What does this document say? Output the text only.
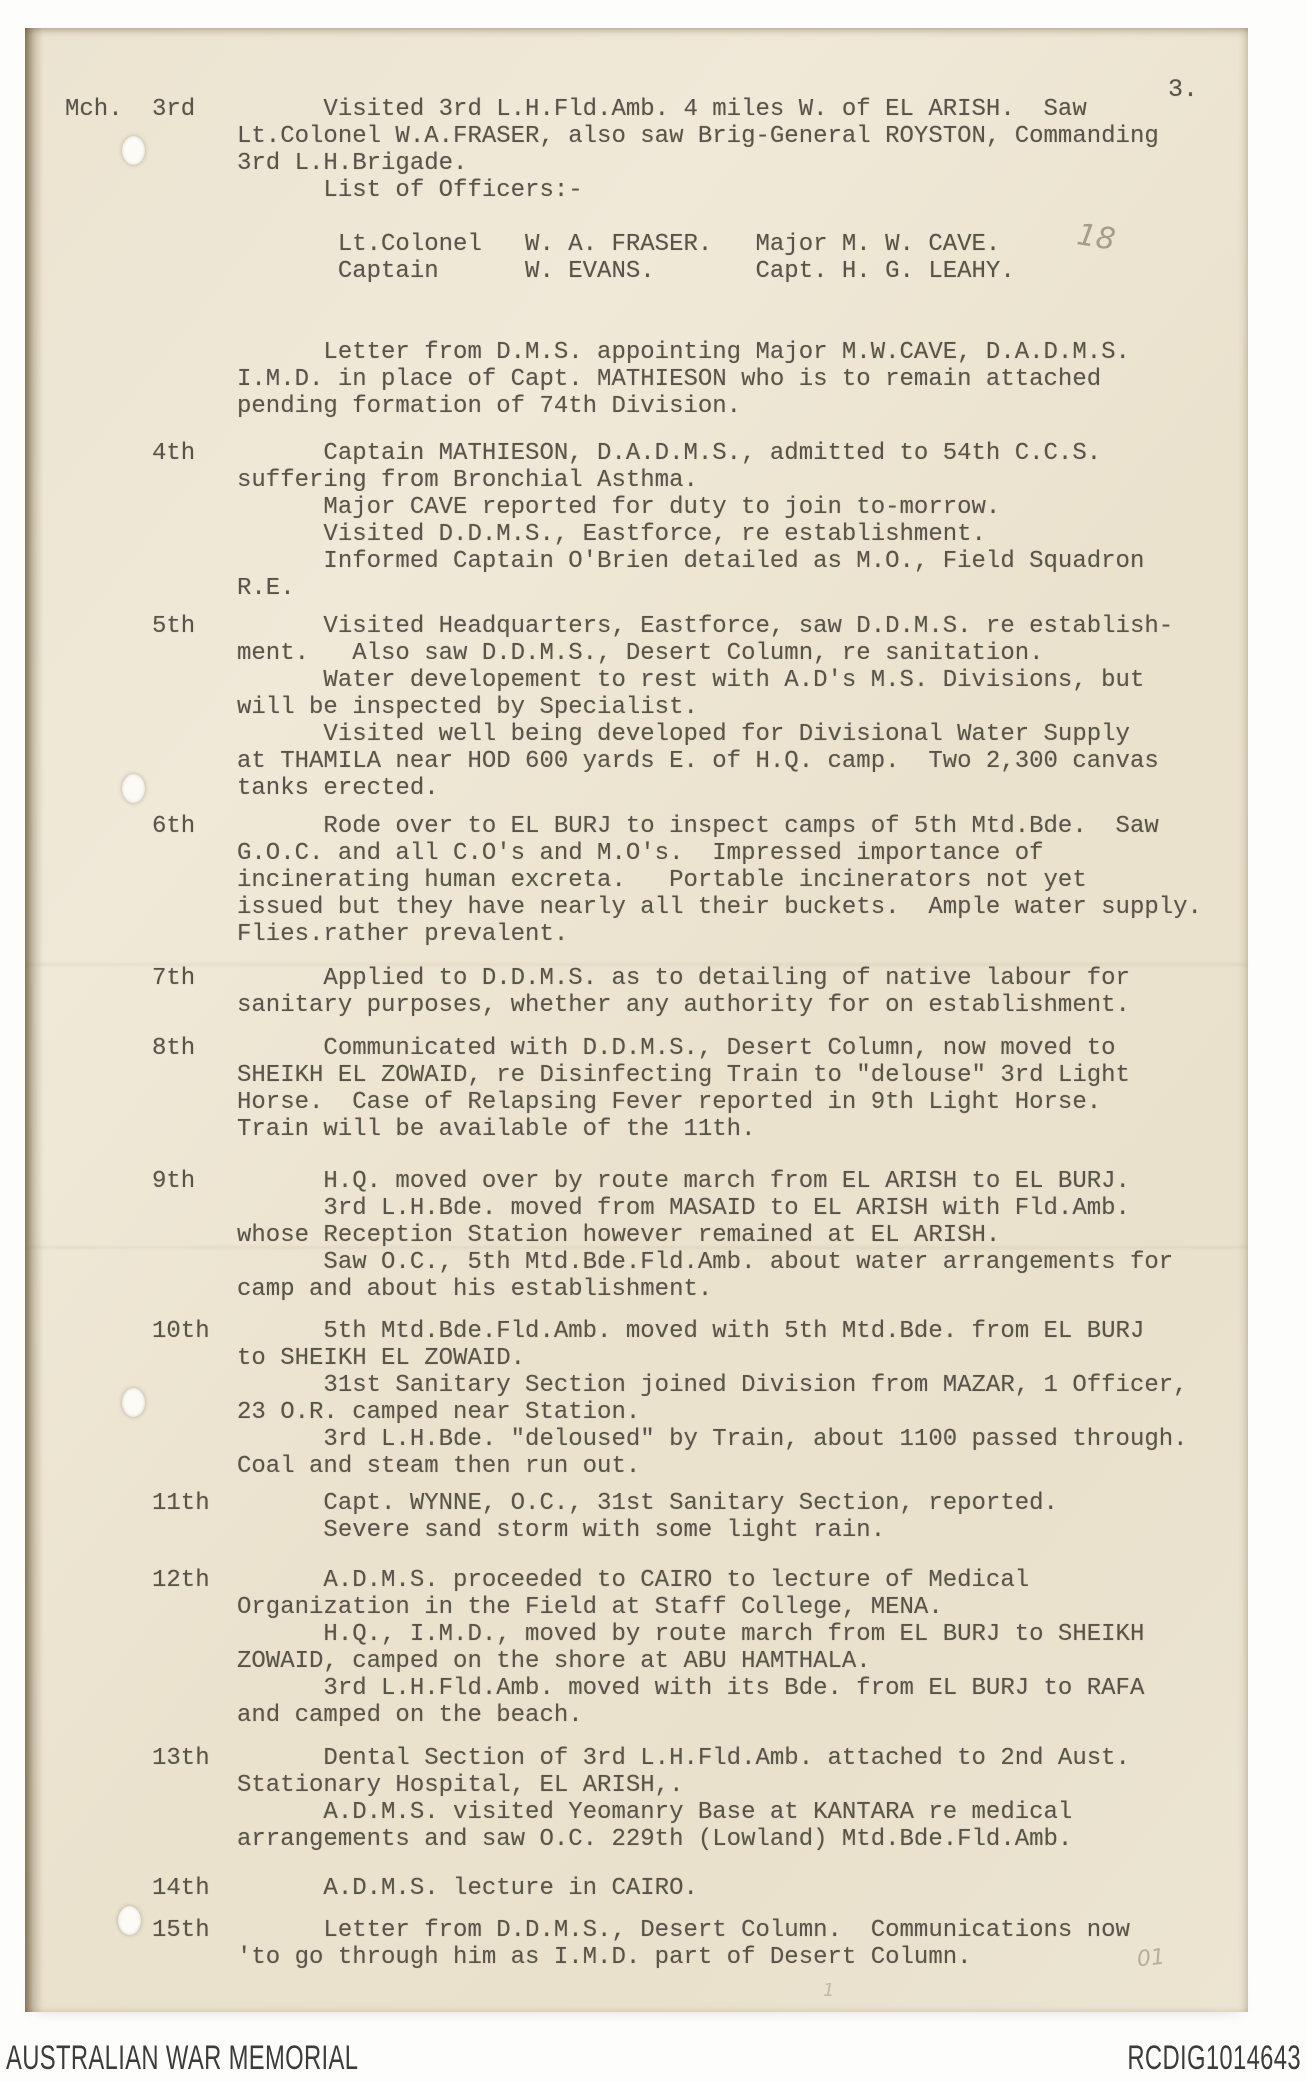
3.
18
01
1
Mch. 3rd Visited 3rd L.H.Fld.Amb. 4 miles W. of EL ARISH.  Saw
Lt.Colonel W.A.FRASER, also saw Brig-General ROYSTON, Commanding
3rd L.H.Brigade.
List of Officers:-

Lt.Colonel   W. A. FRASER.   Major M. W. CAVE.
Captain      W. EVANS.       Capt. H. G. LEAHY.

Letter from D.M.S. appointing Major M.W.CAVE, D.A.D.M.S.
I.M.D. in place of Capt. MATHIESON who is to remain attached
pending formation of 74th Division.
4th Captain MATHIESON, D.A.D.M.S., admitted to 54th C.C.S.
suffering from Bronchial Asthma.
Major CAVE reported for duty to join to-morrow.
Visited D.D.M.S., Eastforce, re establishment.
Informed Captain O'Brien detailed as M.O., Field Squadron
R.E.
5th Visited Headquarters, Eastforce, saw D.D.M.S. re establish-
ment.   Also saw D.D.M.S., Desert Column, re sanitation.
Water developement to rest with A.D's M.S. Divisions, but
will be inspected by Specialist.
Visited well being developed for Divisional Water Supply
at THAMILA near HOD 600 yards E. of H.Q. camp.  Two 2,300 canvas
tanks erected.
6th Rode over to EL BURJ to inspect camps of 5th Mtd.Bde.  Saw
G.O.C. and all C.O's and M.O's.  Impressed importance of
incinerating human excreta.   Portable incinerators not yet
issued but they have nearly all their buckets.  Ample water supply.
Flies.rather prevalent.
7th Applied to D.D.M.S. as to detailing of native labour for
sanitary purposes, whether any authority for on establishment.
8th Communicated with D.D.M.S., Desert Column, now moved to
SHEIKH EL ZOWAID, re Disinfecting Train to "delouse" 3rd Light
Horse.  Case of Relapsing Fever reported in 9th Light Horse.
Train will be available of the 11th.
9th H.Q. moved over by route march from EL ARISH to EL BURJ.
3rd L.H.Bde. moved from MASAID to EL ARISH with Fld.Amb.
whose Reception Station however remained at EL ARISH.
Saw O.C., 5th Mtd.Bde.Fld.Amb. about water arrangements for
camp and about his establishment.
10th 5th Mtd.Bde.Fld.Amb. moved with 5th Mtd.Bde. from EL BURJ
to SHEIKH EL ZOWAID.
31st Sanitary Section joined Division from MAZAR, 1 Officer,
23 O.R. camped near Station.
3rd L.H.Bde. "deloused" by Train, about 1100 passed through.
Coal and steam then run out.
11th Capt. WYNNE, O.C., 31st Sanitary Section, reported.
Severe sand storm with some light rain.
12th A.D.M.S. proceeded to CAIRO to lecture of Medical
Organization in the Field at Staff College, MENA.
H.Q., I.M.D., moved by route march from EL BURJ to SHEIKH
ZOWAID, camped on the shore at ABU HAMTHALA.
3rd L.H.Fld.Amb. moved with its Bde. from EL BURJ to RAFA
and camped on the beach.
13th Dental Section of 3rd L.H.Fld.Amb. attached to 2nd Aust.
Stationary Hospital, EL ARISH,.
A.D.M.S. visited Yeomanry Base at KANTARA re medical
arrangements and saw O.C. 229th (Lowland) Mtd.Bde.Fld.Amb.
14th A.D.M.S. lecture in CAIRO.
15th Letter from D.D.M.S., Desert Column.  Communications now
'to go through him as I.M.D. part of Desert Column.
AUSTRALIAN WAR MEMORIAL	RCDIG1014643
